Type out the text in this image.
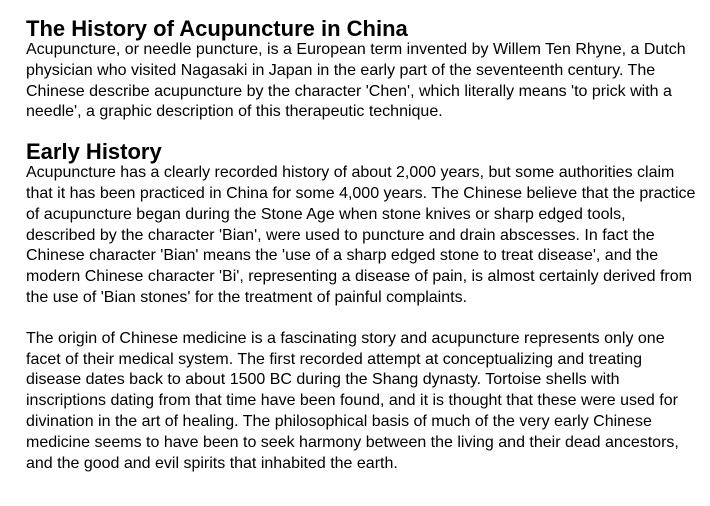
The History of Acupuncture in China

Acupuncture, or needle puncture, is a European term invented by Willem Ten Rhyne, a Dutch physician who visited Nagasaki in Japan in the early part of the seventeenth century. The Chinese describe acupuncture by the character 'Chen', which literally means 'to prick with a needle', a graphic description of this therapeutic technique.

Early History

Acupuncture has a clearly recorded history of about 2,000 years, but some authorities claim that it has been practiced in China for some 4,000 years. The Chinese believe that the practice of acupuncture began during the Stone Age when stone knives or sharp edged tools, described by the character 'Bian', were used to puncture and drain abscesses. In fact the Chinese character 'Bian' means the 'use of a sharp edged stone to treat disease', and the modern Chinese character 'Bi', representing a disease of pain, is almost certainly derived from the use of 'Bian stones' for the treatment of painful complaints.

The origin of Chinese medicine is a fascinating story and acupuncture represents only one facet of their medical system. The first recorded attempt at conceptualizing and treating disease dates back to about 1500 BC during the Shang dynasty. Tortoise shells with inscriptions dating from that time have been found, and it is thought that these were used for divination in the art of healing. The philosophical basis of much of the very early Chinese medicine seems to have been to seek harmony between the living and their dead ancestors, and the good and evil spirits that inhabited the earth.
